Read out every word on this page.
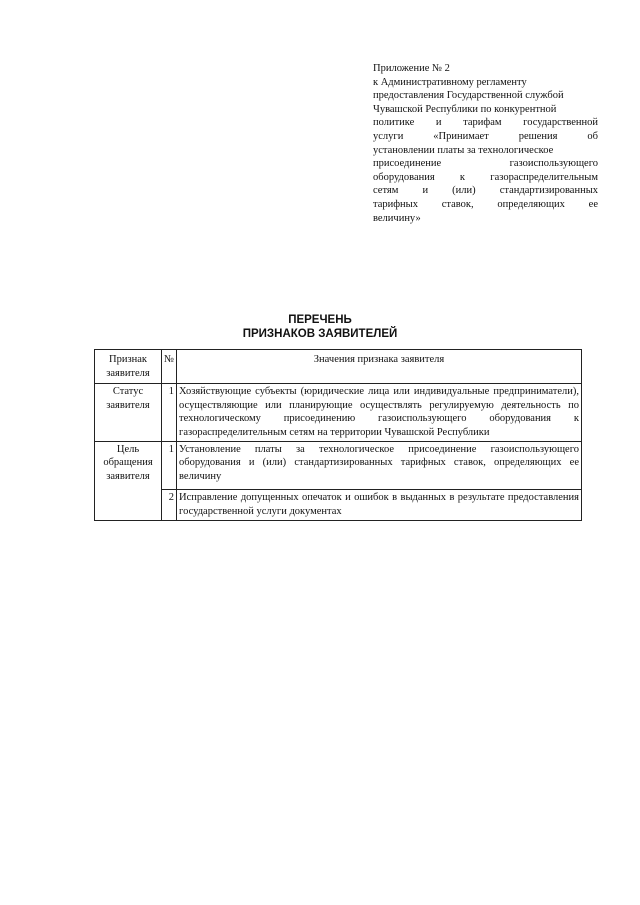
Приложение № 2
к Административному регламенту
предоставления Государственной службой
Чувашской Республики по конкурентной
политике и тарифам государственной
услуги «Принимает решения об
установлении платы за технологическое
присоединение газоиспользующего
оборудования к газораспределительным
сетям и (или) стандартизированных
тарифных ставок, определяющих ее
величину»
ПЕРЕЧЕНЬ
ПРИЗНАКОВ ЗАЯВИТЕЛЕЙ
Признак заявителя	№	Значения признака заявителя
Статус заявителя	1	Хозяйствующие субъекты (юридические лица или индивидуальные предприниматели), осуществляющие или планирующие осуществлять регулируемую деятельность по технологическому присоединению газоиспользующего оборудования к газораспределительным сетям на территории Чувашской Республики
Цель обращения заявителя	1	Установление платы за технологическое присоединение газоиспользующего оборудования и (или) стандартизированных тарифных ставок, определяющих ее величину
	2	Исправление допущенных опечаток и ошибок в выданных в результате предоставления государственной услуги документах
